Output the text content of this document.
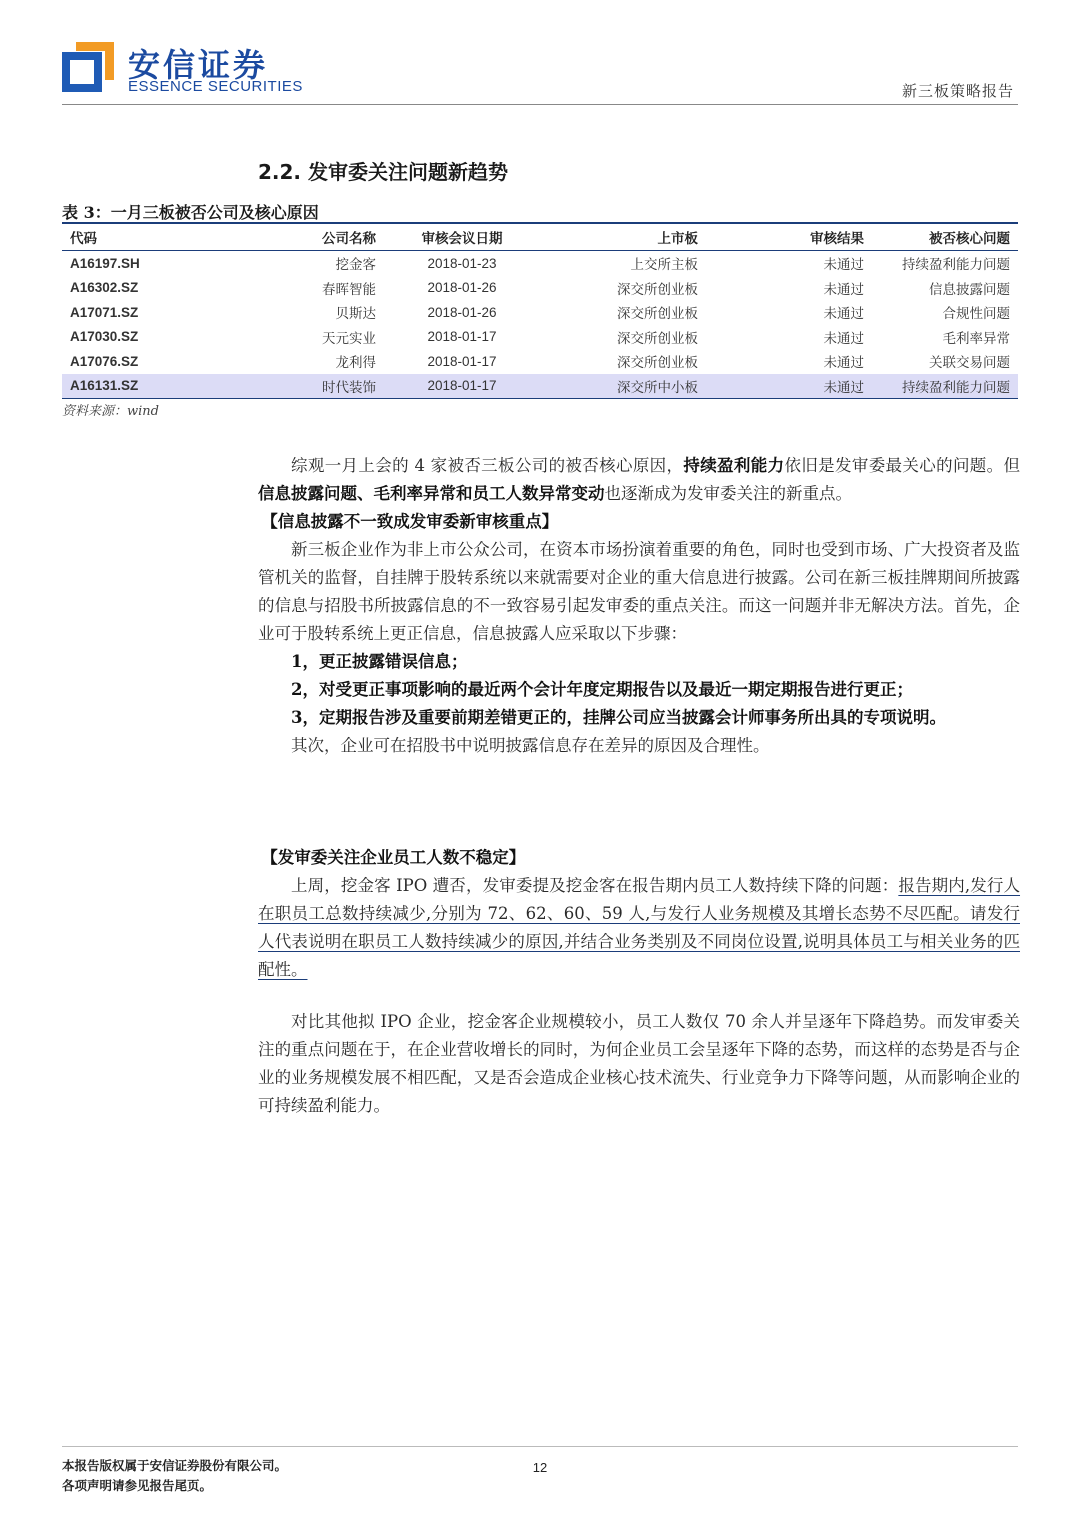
安信证券
ESSENCE SECURITIES	新三板策略报告
2.2. 发审委关注问题新趋势
表 3：一月三板被否公司及核心原因
代码	公司名称	审核会议日期	上市板	审核结果	被否核心问题
A16197.SH	挖金客	2018-01-23	上交所主板	未通过	持续盈利能力问题
A16302.SZ	春晖智能	2018-01-26	深交所创业板	未通过	信息披露问题
A17071.SZ	贝斯达	2018-01-26	深交所创业板	未通过	合规性问题
A17030.SZ	天元实业	2018-01-17	深交所创业板	未通过	毛利率异常
A17076.SZ	龙利得	2018-01-17	深交所创业板	未通过	关联交易问题
A16131.SZ	时代装饰	2018-01-17	深交所中小板	未通过	持续盈利能力问题
资料来源：wind

综观一月上会的 4 家被否三板公司的被否核心原因，持续盈利能力依旧是发审委最关心的问题。但信息披露问题、毛利率异常和员工人数异常变动也逐渐成为发审委关注的新重点。

【信息披露不一致成发审委新审核重点】

新三板企业作为非上市公众公司，在资本市场扮演着重要的角色，同时也受到市场、广大投资者及监管机关的监督，自挂牌于股转系统以来就需要对企业的重大信息进行披露。公司在新三板挂牌期间所披露的信息与招股书所披露信息的不一致容易引起发审委的重点关注。而这一问题并非无解决方法。首先，企业可于股转系统上更正信息，信息披露人应采取以下步骤：

1，更正披露错误信息；

2，对受更正事项影响的最近两个会计年度定期报告以及最近一期定期报告进行更正；

3，定期报告涉及重要前期差错更正的，挂牌公司应当披露会计师事务所出具的专项说明。

其次，企业可在招股书中说明披露信息存在差异的原因及合理性。

【发审委关注企业员工人数不稳定】

上周，挖金客 IPO 遭否，发审委提及挖金客在报告期内员工人数持续下降的问题：报告期内,发行人在职员工总数持续减少,分别为 72、62、60、59 人,与发行人业务规模及其增长态势不尽匹配。请发行人代表说明在职员工人数持续减少的原因,并结合业务类别及不同岗位设置,说明具体员工与相关业务的匹配性。

对比其他拟 IPO 企业，挖金客企业规模较小，员工人数仅 70 余人并呈逐年下降趋势。而发审委关注的重点问题在于，在企业营收增长的同时，为何企业员工会呈逐年下降的态势，而这样的态势是否与企业的业务规模发展不相匹配，又是否会造成企业核心技术流失、行业竞争力下降等问题，从而影响企业的可持续盈利能力。

本报告版权属于安信证券股份有限公司。
各项声明请参见报告尾页。
12
